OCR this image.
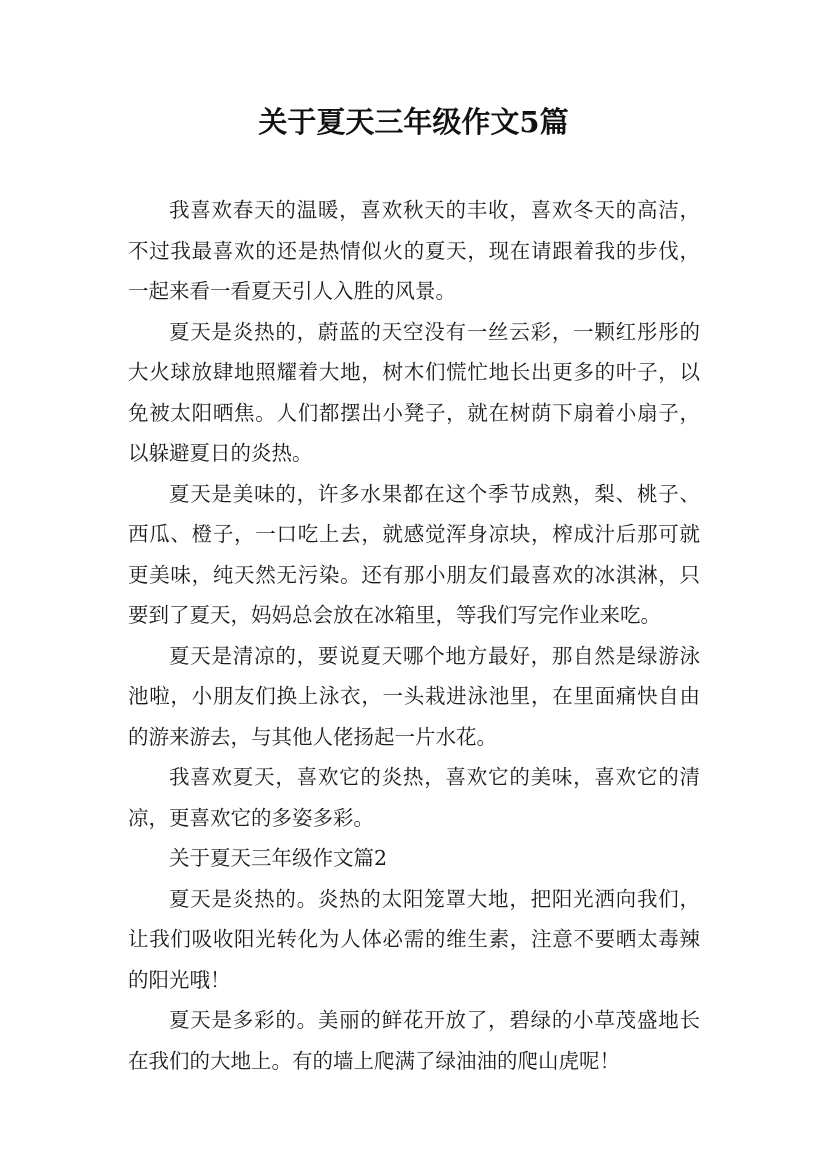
关于夏天三年级作文5篇

我喜欢春天的温暖，喜欢秋天的丰收，喜欢冬天的高洁，不过我最喜欢的还是热情似火的夏天，现在请跟着我的步伐，一起来看一看夏天引人入胜的风景。

夏天是炎热的，蔚蓝的天空没有一丝云彩，一颗红彤彤的大火球放肆地照耀着大地，树木们慌忙地长出更多的叶子，以免被太阳晒焦。人们都摆出小凳子，就在树荫下扇着小扇子，以躲避夏日的炎热。

夏天是美味的，许多水果都在这个季节成熟，梨、桃子、西瓜、橙子，一口吃上去，就感觉浑身凉块，榨成汁后那可就更美味，纯天然无污染。还有那小朋友们最喜欢的冰淇淋，只要到了夏天，妈妈总会放在冰箱里，等我们写完作业来吃。

夏天是清凉的，要说夏天哪个地方最好，那自然是绿游泳池啦，小朋友们换上泳衣，一头栽进泳池里，在里面痛快自由的游来游去，与其他人佬扬起一片水花。

我喜欢夏天，喜欢它的炎热，喜欢它的美味，喜欢它的清凉，更喜欢它的多姿多彩。

关于夏天三年级作文篇2

夏天是炎热的。炎热的太阳笼罩大地，把阳光洒向我们，让我们吸收阳光转化为人体必需的维生素，注意不要晒太毒辣的阳光哦！

夏天是多彩的。美丽的鲜花开放了，碧绿的小草茂盛地长在我们的大地上。有的墙上爬满了绿油油的爬山虎呢！
